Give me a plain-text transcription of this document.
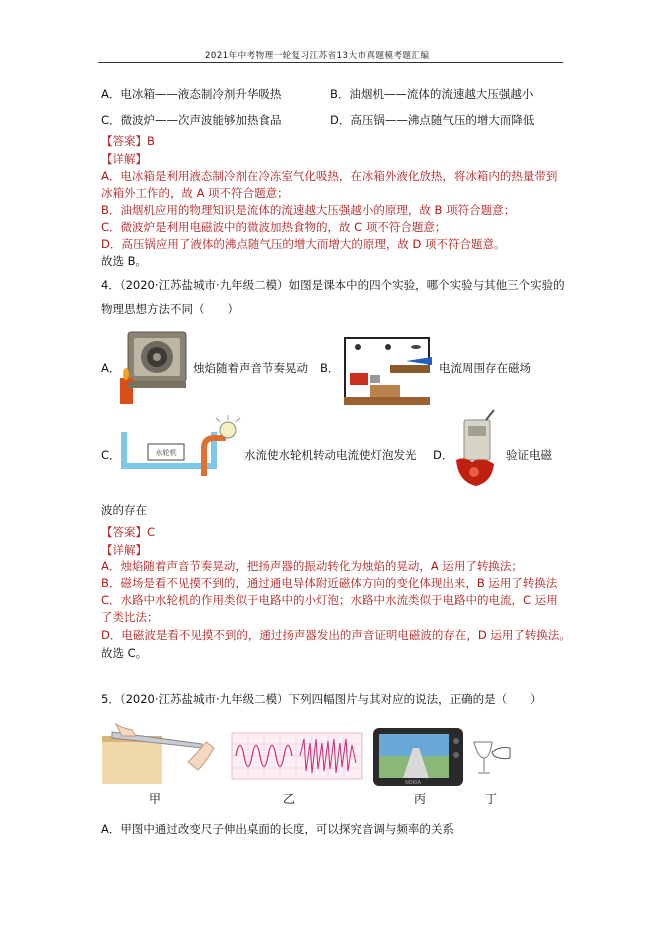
2021年中考物理一轮复习江苏省13大市真题模考题汇编
A．电冰箱——液态制冷剂升华吸热	B．油烟机——流体的流速越大压强越小
C．微波炉——次声波能够加热食品	D．高压锅——沸点随气压的增大而降低
【答案】B
【详解】
A．电冰箱是利用液态制冷剂在冷冻室气化吸热，在冰箱外液化放热，将冰箱内的热量带到
冰箱外工作的，故 A 项不符合题意；
B．油烟机应用的物理知识是流体的流速越大压强越小的原理，故 B 项符合题意；
C．微波炉是利用电磁波中的微波加热食物的，故 C 项不符合题意；
D．高压锅应用了液体的沸点随气压的增大而增大的原理，故 D 项不符合题意。
故选 B。
4．（2020·江苏盐城市·九年级二模）如图是课本中的四个实验，哪个实验与其他三个实验的
物理思想方法不同（　　）
A．	烛焰随着声音节奏晃动 B．	电流周围存在磁场
C．	水轮机	水流使水轮机转动电流使灯泡发光 D．	验证电磁
波的存在
【答案】C
【详解】
A．烛焰随着声音节奏晃动，把扬声器的振动转化为烛焰的晃动，A 运用了转换法；
B．磁场是看不见摸不到的，通过通电导体附近磁体方向的变化体现出来，B 运用了转换法
C．水路中水轮机的作用类似于电路中的小灯泡；水路中水流类似于电路中的电流，C 运用
了类比法；
D．电磁波是看不见摸不到的，通过扬声器发出的声音证明电磁波的存在，D 运用了转换法。
故选 C。
5．（2020·江苏盐城市·九年级二模）下列四幅图片与其对应的说法，正确的是（　　）
NOKIA
甲	乙	丙	丁
A．甲图中通过改变尺子伸出桌面的长度，可以探究音调与频率的关系
